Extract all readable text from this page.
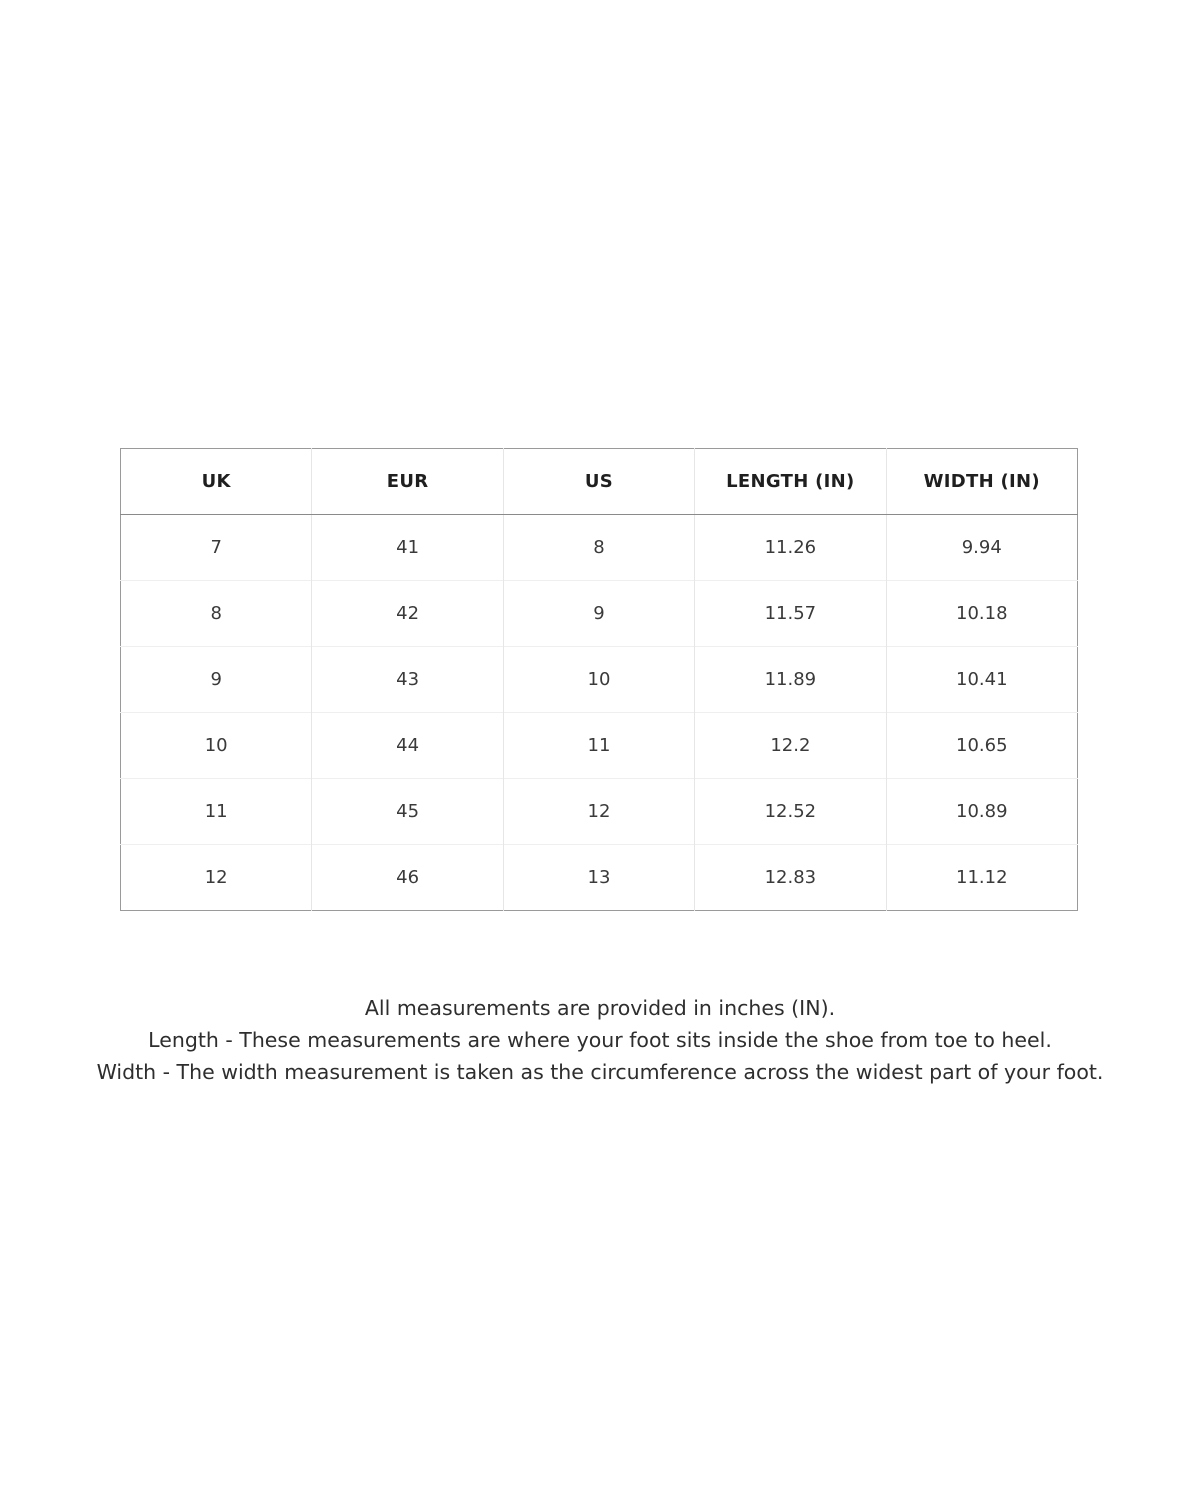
UK	EUR	US	LENGTH (IN)	WIDTH (IN)
7	41	8	11.26	9.94
8	42	9	11.57	10.18
9	43	10	11.89	10.41
10	44	11	12.2	10.65
11	45	12	12.52	10.89
12	46	13	12.83	11.12

All measurements are provided in inches (IN).

Length - These measurements are where your foot sits inside the shoe from toe to heel.

Width - The width measurement is taken as the circumference across the widest part of your foot.
